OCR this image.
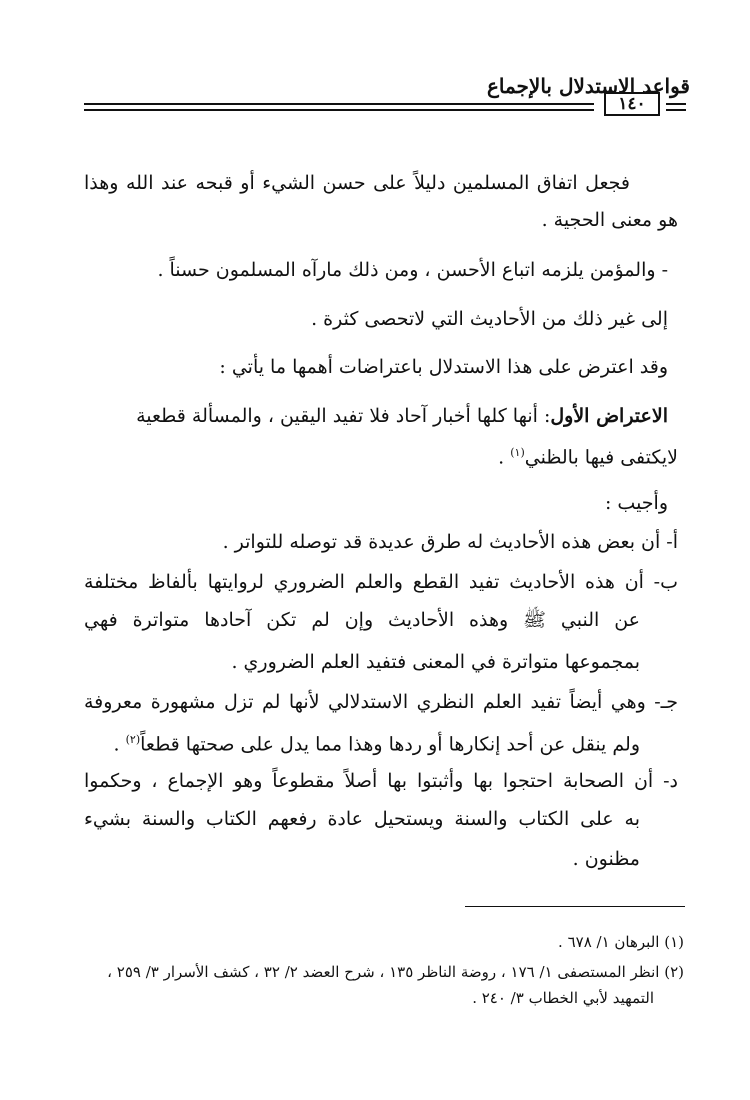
قواعد الاستدلال بالإجماع
١٤٠
فجعل اتفاق المسلمين دليلاً على حسن الشيء أو قبحه عند الله وهذا
هو معنى الحجية .
- والمؤمن يلزمه اتباع الأحسن ، ومن ذلك مارآه المسلمون حسناً .
إلى غير ذلك من الأحاديث التي لاتحصى كثرة .
وقد اعترض على هذا الاستدلال باعتراضات أهمها ما يأتي :
الاعتراض الأول: أنها كلها أخبار آحاد فلا تفيد اليقين ، والمسألة قطعية
لايكتفى فيها بالظني$^{(١)}$ .
وأجيب :
أ- أن بعض هذه الأحاديث له طرق عديدة قد توصله للتواتر .
ب- أن هذه الأحاديث تفيد القطع والعلم الضروري لروايتها بألفاظ مختلفة
عن النبي ﷺ وهذه الأحاديث وإن لم تكن آحادها متواترة فهي
بمجموعها متواترة في المعنى فتفيد العلم الضروري .
جـ- وهي أيضاً تفيد العلم النظري الاستدلالي لأنها لم تزل مشهورة معروفة
ولم ينقل عن أحد إنكارها أو ردها وهذا مما يدل على صحتها قطعاً$^{(٢)}$ .
د- أن الصحابة احتجوا بها وأثبتوا بها أصلاً مقطوعاً وهو الإجماع ، وحكموا
به على الكتاب والسنة ويستحيل عادة رفعهم الكتاب والسنة بشيء
مظنون .
(١) البرهان ١/ ٦٧٨ .
(٢) انظر المستصفى ١/ ١٧٦ ، روضة الناظر ١٣٥ ، شرح العضد ٢/ ٣٢ ، كشف الأسرار ٣/ ٢٥٩ ،
التمهيد لأبي الخطاب ٣/ ٢٤٠ .
